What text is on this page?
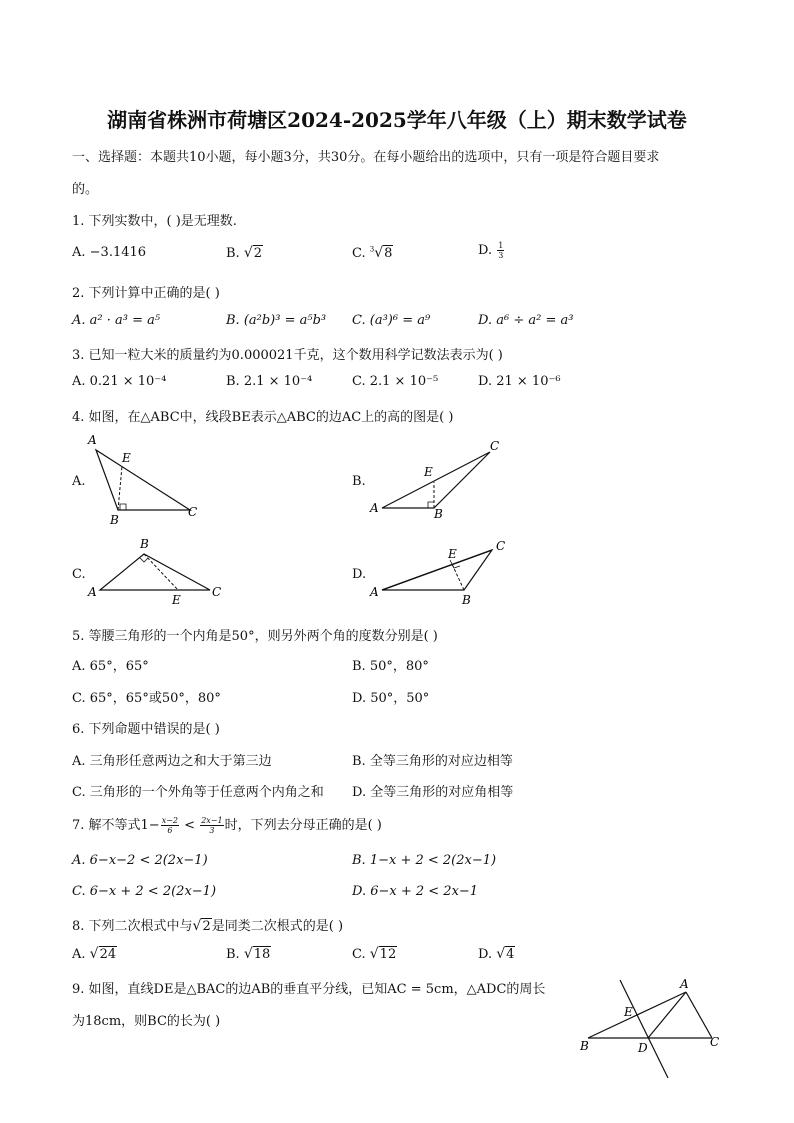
湖南省株洲市荷塘区2024-2025学年八年级（上）期末数学试卷
一、选择题：本题共10小题，每小题3分，共30分。在每小题给出的选项中，只有一项是符合题目要求
的。
1. 下列实数中，( )是无理数.
A. −3.1416	B. √2	C. $^3$√8	D. $\frac{1}{3}$
2. 下列计算中正确的是( )
A. a² · a³ = a⁵	B. (a²b)³ = a⁵b³ C. (a³)⁶ = a⁹	D. a⁶ ÷ a² = a³
3. 已知一粒大米的质量约为0.000021千克，这个数用科学记数法表示为( )
A. 0.21 × 10⁻⁴	B. 2.1 × 10⁻⁴	C. 2.1 × 10⁻⁵	D. 21 × 10⁻⁶
4. 如图，在△ABC中，线段BE表示△ABC的边AC上的高的图是( )
A.
A
E
B
C
B.
A
E
B
C
C.
A
B
E
C
D.
A
E
B
C
5. 等腰三角形的一个内角是50°，则另外两个角的度数分别是( )
A. 65°，65°	B. 50°，80°
C. 65°，65°或50°，80°	D. 50°，50°
6. 下列命题中错误的是( )
A. 三角形任意两边之和大于第三边	B. 全等三角形的对应边相等
C. 三角形的一个外角等于任意两个内角之和 D. 全等三角形的对应角相等
7. 解不等式$1- \frac{x-2}{6} < \frac{2x-1}{3}$ 时，下列去分母正确的是( )
A. 6−x−2 < 2(2x−1)	B. 1−x + 2 < 2(2x−1)
C. 6−x + 2 < 2(2x−1)	D. 6−x + 2 < 2x−1
8. 下列二次根式中与√2是同类二次根式的是( )
A. √24	B. √18	C. √12	D. √4
9. 如图，直线DE是△BAC的边AB的垂直平分线，已知AC = 5cm，△ADC的周长
为18cm，则BC的长为( )
A
E
B	D	C
